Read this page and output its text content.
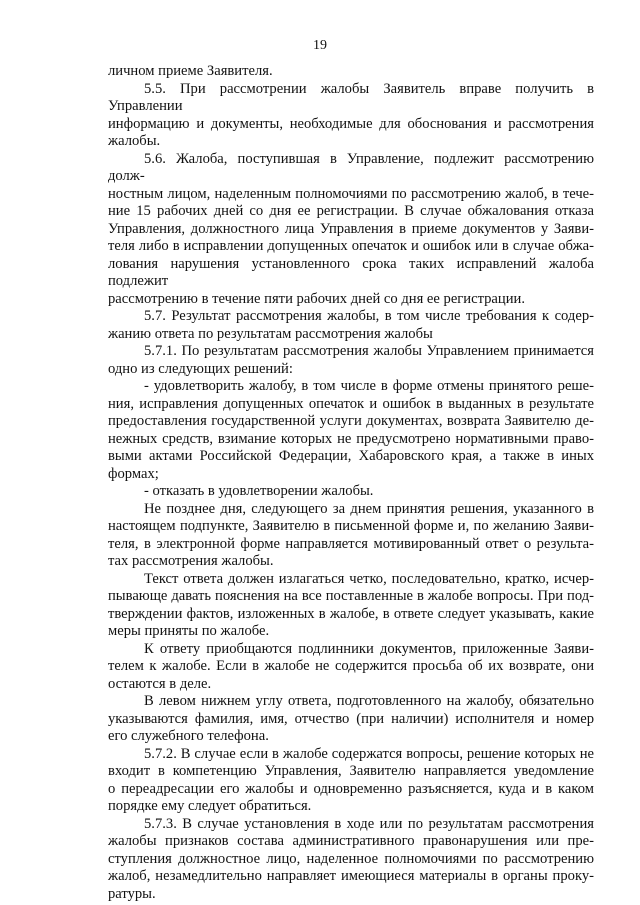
19

личном приеме Заявителя.

5.5. При рассмотрении жалобы Заявитель вправе получить в Управлении
информацию и документы, необходимые для обоснования и рассмотрения
жалобы.

5.6. Жалоба, поступившая в Управление, подлежит рассмотрению долж-
ностным лицом, наделенным полномочиями по рассмотрению жалоб, в тече-
ние 15 рабочих дней со дня ее регистрации. В случае обжалования отказа
Управления, должностного лица Управления в приеме документов у Заяви-
теля либо в исправлении допущенных опечаток и ошибок или в случае обжа-
лования нарушения установленного срока таких исправлений жалоба подлежит
рассмотрению в течение пяти рабочих дней со дня ее регистрации.

5.7. Результат рассмотрения жалобы, в том числе требования к содер-
жанию ответа по результатам рассмотрения жалобы

5.7.1. По результатам рассмотрения жалобы Управлением принимается
одно из следующих решений:

- удовлетворить жалобу, в том числе в форме отмены принятого реше-
ния, исправления допущенных опечаток и ошибок в выданных в результате
предоставления государственной услуги документах, возврата Заявителю де-
нежных средств, взимание которых не предусмотрено нормативными право-
выми актами Российской Федерации, Хабаровского края, а также в иных
формах;

- отказать в удовлетворении жалобы.

Не позднее дня, следующего за днем принятия решения, указанного в
настоящем подпункте, Заявителю в письменной форме и, по желанию Заяви-
теля, в электронной форме направляется мотивированный ответ о результа-
тах рассмотрения жалобы.

Текст ответа должен излагаться четко, последовательно, кратко, исчер-
пывающе давать пояснения на все поставленные в жалобе вопросы. При под-
тверждении фактов, изложенных в жалобе, в ответе следует указывать, какие
меры приняты по жалобе.

К ответу приобщаются подлинники документов, приложенные Заяви-
телем к жалобе. Если в жалобе не содержится просьба об их возврате, они
остаются в деле.

В левом нижнем углу ответа, подготовленного на жалобу, обязательно
указываются фамилия, имя, отчество (при наличии) исполнителя и номер
его служебного телефона.

5.7.2. В случае если в жалобе содержатся вопросы, решение которых не
входит в компетенцию Управления, Заявителю направляется уведомление
о переадресации его жалобы и одновременно разъясняется, куда и в каком
порядке ему следует обратиться.

5.7.3. В случае установления в ходе или по результатам рассмотрения
жалобы признаков состава административного правонарушения или пре-
ступления должностное лицо, наделенное полномочиями по рассмотрению
жалоб, незамедлительно направляет имеющиеся материалы в органы проку-
ратуры.
